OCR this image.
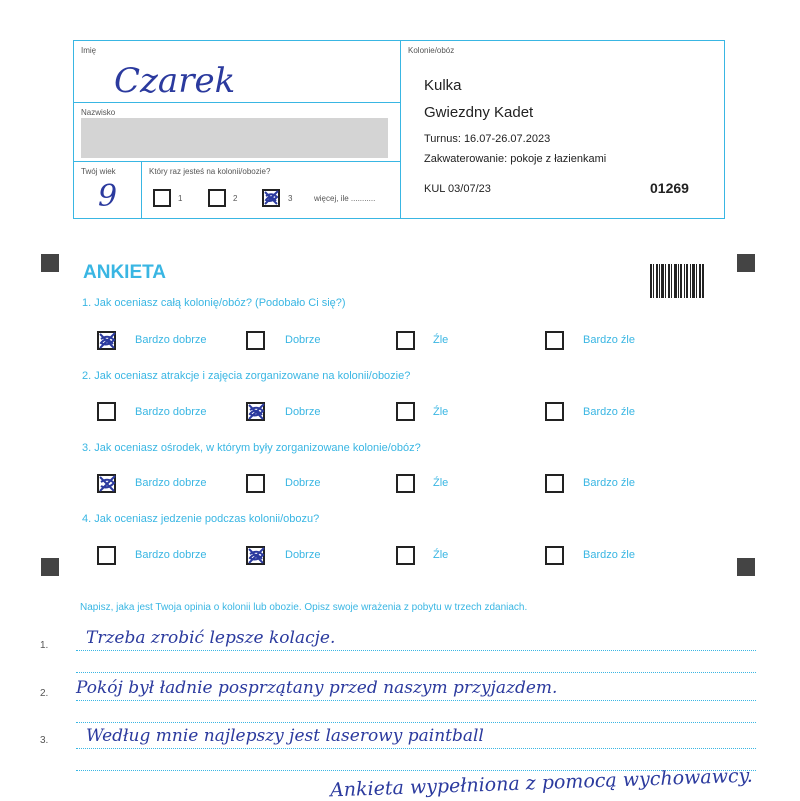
Imię
Czarek
Nazwisko
Twój wiek
9
Który raz jesteś na kolonii/obozie?
1	2	3	więcej, ile ...........
Kolonie/obóz
Kulka
Gwiezdny Kadet
Turnus: 16.07-26.07.2023
Zakwaterowanie: pokoje z łazienkami
KUL 03/07/23	01269
ANKIETA
1. Jak oceniasz całą kolonię/obóz? (Podobało Ci się?)
Bardzo dobrze	Dobrze	Źle	Bardzo źle
2. Jak oceniasz atrakcje i zajęcia zorganizowane na kolonii/obozie?
Bardzo dobrze	Dobrze	Źle	Bardzo źle
3. Jak oceniasz ośrodek, w którym były zorganizowane kolonie/obóz?
Bardzo dobrze	Dobrze	Źle	Bardzo źle
4. Jak oceniasz jedzenie podczas kolonii/obozu?
Bardzo dobrze	Dobrze	Źle	Bardzo źle
Napisz, jaka jest Twoja opinia o kolonii lub obozie. Opisz swoje wrażenia z pobytu w trzech zdaniach.
1. Trzeba zrobić lepsze kolacje.
2. Pokój był ładnie posprzątany przed naszym przyjazdem.
3. Według mnie najlepszy jest laserowy paintball
Ankieta wypełniona z pomocą wychowawcy.
